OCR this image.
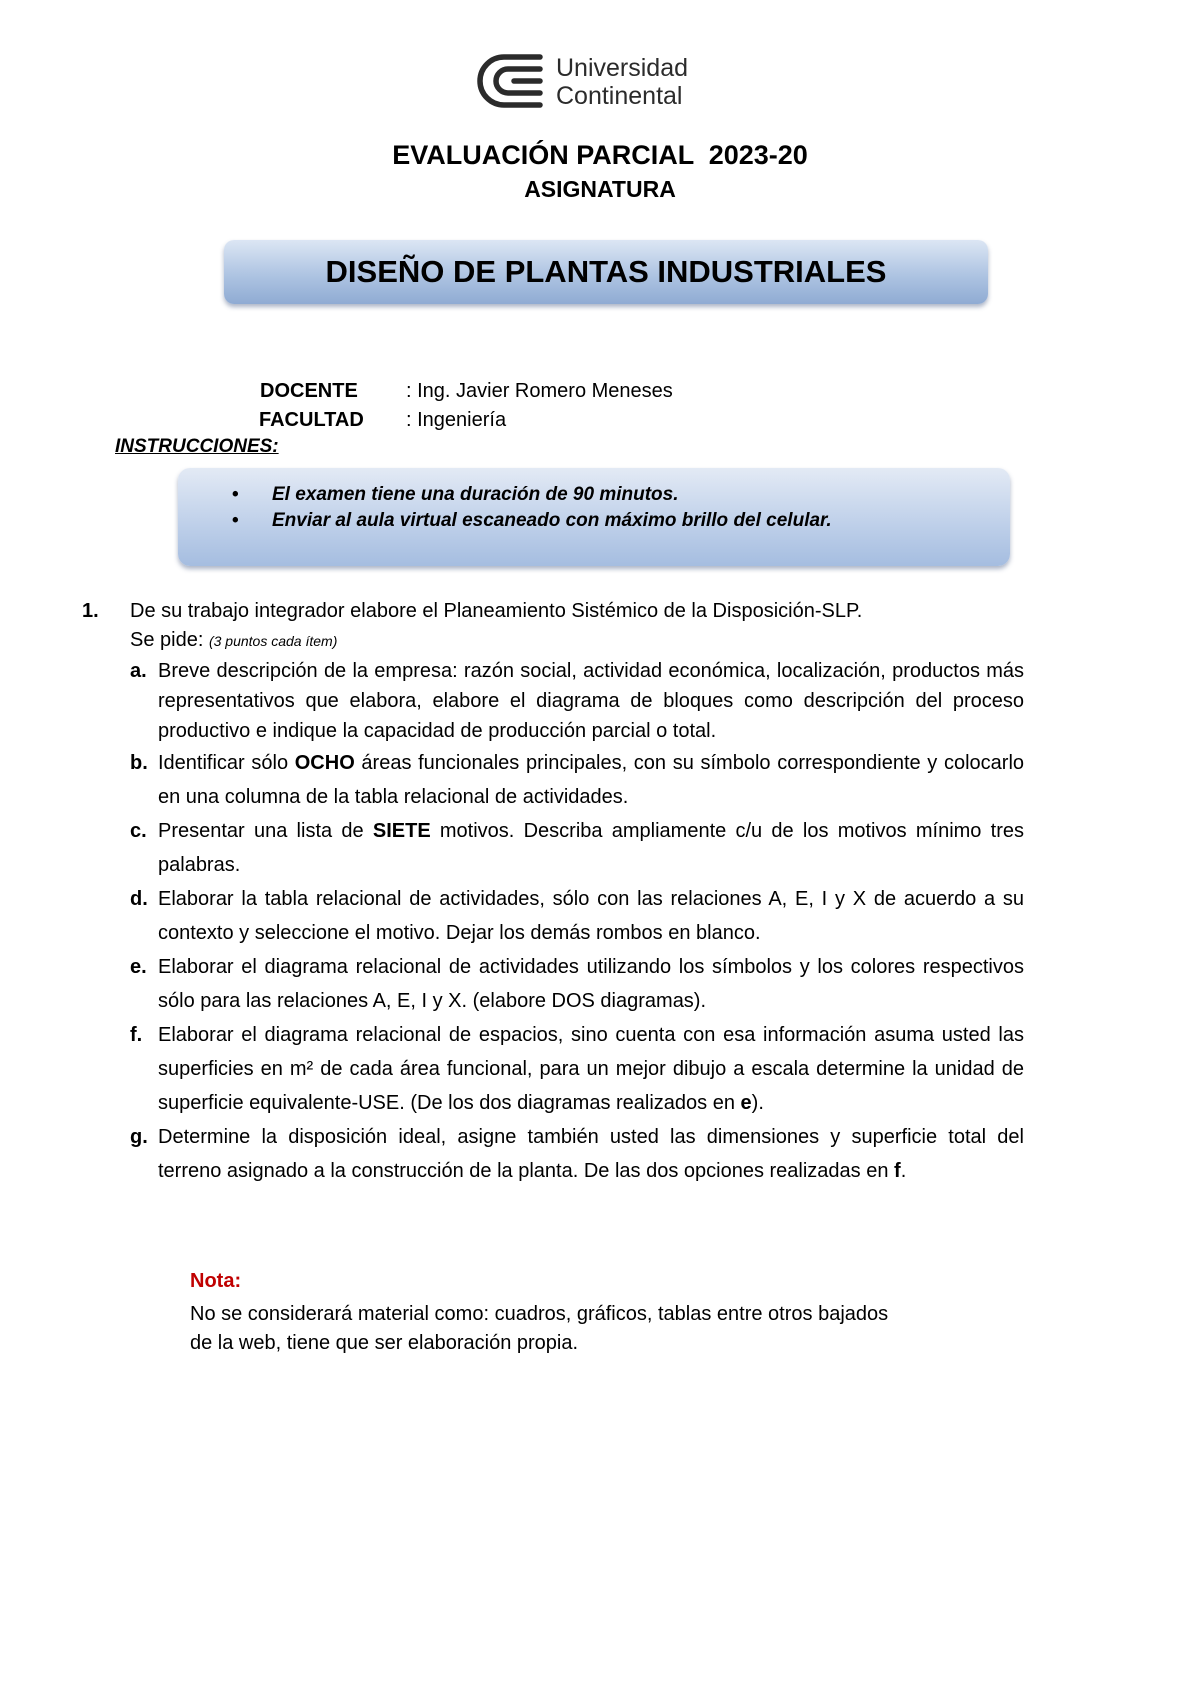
Universidad
Continental
EVALUACIÓN PARCIAL  2023-20
ASIGNATURA
DISEÑO DE PLANTAS INDUSTRIALES
DOCENTE : Ing. Javier Romero Meneses
FACULTAD : Ingeniería
INSTRUCCIONES:
• El examen tiene una duración de 90 minutos.
• Enviar al aula virtual escaneado con máximo brillo del celular.
1. De su trabajo integrador elabore el Planeamiento Sistémico de la Disposición-SLP.
Se pide: (3 puntos cada ítem)
a. Breve descripción de la empresa: razón social, actividad económica, localización, productos más representativos que elabora, elabore el diagrama de bloques como descripción del proceso productivo e indique la capacidad de producción parcial o total.
b. Identificar sólo OCHO áreas funcionales principales, con su símbolo correspondiente y colocarlo en una columna de la tabla relacional de actividades.
c. Presentar una lista de SIETE motivos. Describa ampliamente c/u de los motivos mínimo tres palabras.
d. Elaborar la tabla relacional de actividades, sólo con las relaciones A, E, I y X de acuerdo a su contexto y seleccione el motivo. Dejar los demás rombos en blanco.
e. Elaborar el diagrama relacional de actividades utilizando los símbolos y los colores respectivos sólo para las relaciones A, E, I y X. (elabore DOS diagramas).
f. Elaborar el diagrama relacional de espacios, sino cuenta con esa información asuma usted las superficies en m² de cada área funcional, para un mejor dibujo a escala determine la unidad de superficie equivalente-USE. (De los dos diagramas realizados en e).
g. Determine la disposición ideal, asigne también usted las dimensiones y superficie total del terreno asignado a la construcción de la planta. De las dos opciones realizadas en f.
Nota:
No se considerará material como: cuadros, gráficos, tablas entre otros bajados
de la web, tiene que ser elaboración propia.
